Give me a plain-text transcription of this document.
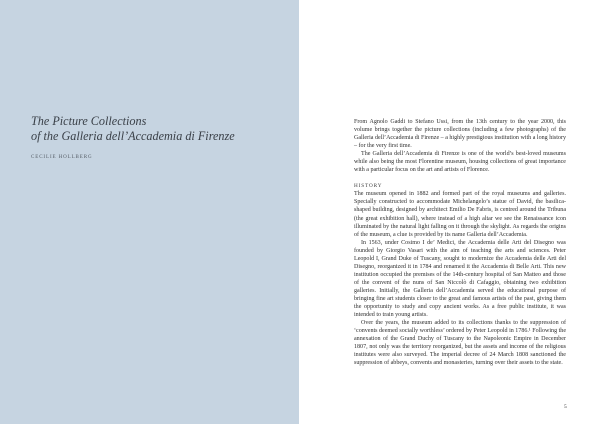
The Picture Collections
of the Galleria dell’Accademia di Firenze
CECILIE HOLLBERG

From Agnolo Gaddi to Stefano Ussi, from the 13th century to the year 2000, this volume brings together the picture collections (including a few photographs) of the Galleria dell’Accademia di Firenze – a highly prestigious institution with a long history – for the very first time.

The Galleria dell’Accademia di Firenze is one of the world’s best-loved museums while also being the most Florentine museum, housing collections of great importance with a particular focus on the art and artists of Florence.

HISTORY

The museum opened in 1882 and formed part of the royal museums and galleries. Specially constructed to accommodate Michelangelo’s statue of David, the basilica-shaped building, designed by architect Emilio De Fabris, is centred around the Tribuna (the great exhibition hall), where instead of a high altar we see the Renaissance icon illuminated by the natural light falling on it through the skylight. As regards the origins of the museum, a clue is provided by its name Galleria dell’Accademia.

In 1563, under Cosimo I de’ Medici, the Accademia delle Arti del Disegno was founded by Giorgio Vasari with the aim of teaching the arts and sciences. Peter Leopold I, Grand Duke of Tuscany, sought to modernize the Accademia delle Arti del Disegno, reorganized it in 1784 and renamed it the Accademia di Belle Arti. This new institution occupied the premises of the 14th-century hospital of San Matteo and those of the convent of the nuns of San Niccolò di Cafaggio, obtaining two exhibition galleries. Initially, the Galleria dell’Accademia served the educational purpose of bringing fine art students closer to the great and famous artists of the past, giving them the opportunity to study and copy ancient works. As a free public institute, it was intended to train young artists.

Over the years, the museum added to its collections thanks to the suppression of ‘convents deemed socially worthless’ ordered by Peter Leopold in 1786.¹ Following the annexation of the Grand Duchy of Tuscany to the Napoleonic Empire in December 1807, not only was the territory reorganized, but the assets and income of the religious institutes were also surveyed. The imperial decree of 24 March 1808 sanctioned the suppression of abbeys, convents and monasteries, turning over their assets to the state.

5
